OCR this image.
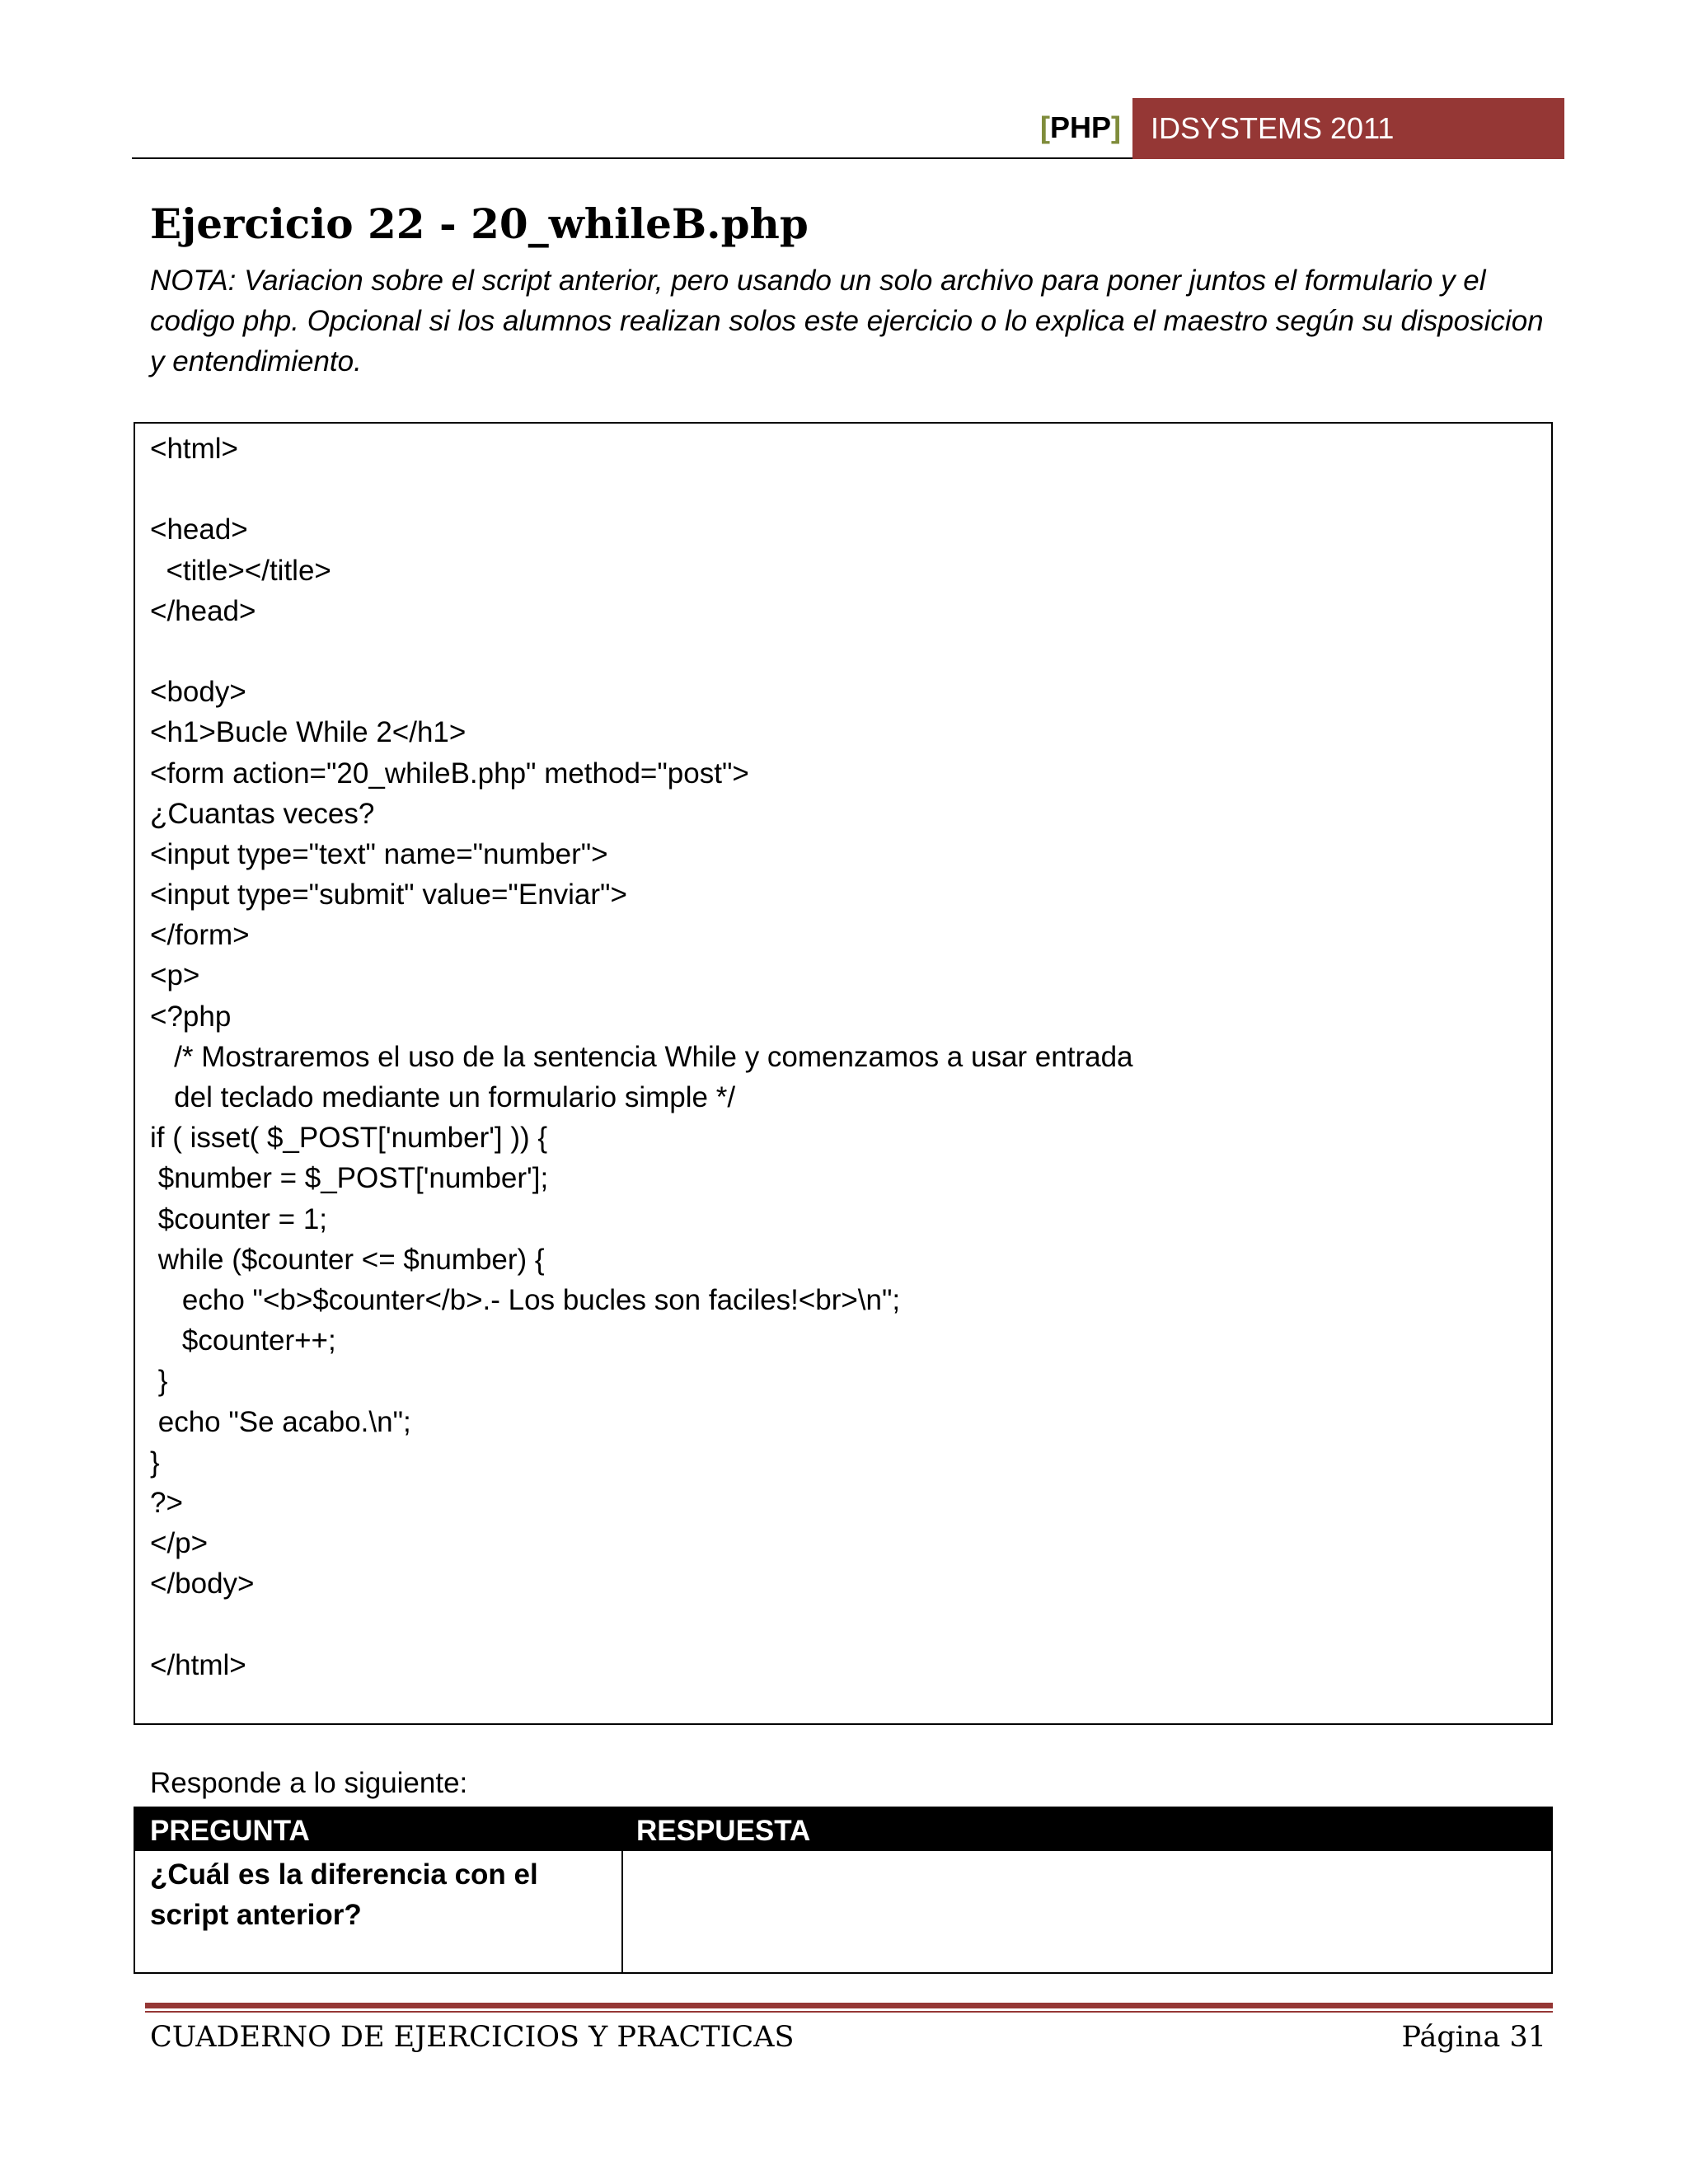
[PHP] IDSYSTEMS 2011
Ejercicio 22 - 20_whileB.php
NOTA: Variacion sobre el script anterior, pero usando un solo archivo para poner juntos el formulario y el codigo php. Opcional si los alumnos realizan solos este ejercicio o lo explica el maestro según su disposicion y entendimiento.
<html>
<head>
<title></title>
</head>
<body>
<h1>Bucle While 2</h1>
<form action="20_whileB.php" method="post">
¿Cuantas veces?
<input type="text" name="number">
<input type="submit" value="Enviar">
</form>
<p>
<?php
/* Mostraremos el uso de la sentencia While y comenzamos a usar entrada
del teclado mediante un formulario simple */
if ( isset( $_POST['number'] )) {
$number = $_POST['number'];
$counter = 1;
while ($counter <= $number) {
echo "<b>$counter</b>.- Los bucles son faciles!<br>\n";
$counter++;
}
echo "Se acabo.\n";
}
?>
</p>
</body>
</html>
Responde a lo siguiente:
PREGUNTA	RESPUESTA
¿Cuál es la diferencia con el script anterior?
CUADERNO DE EJERCICIOS Y PRACTICAS	Página 31
